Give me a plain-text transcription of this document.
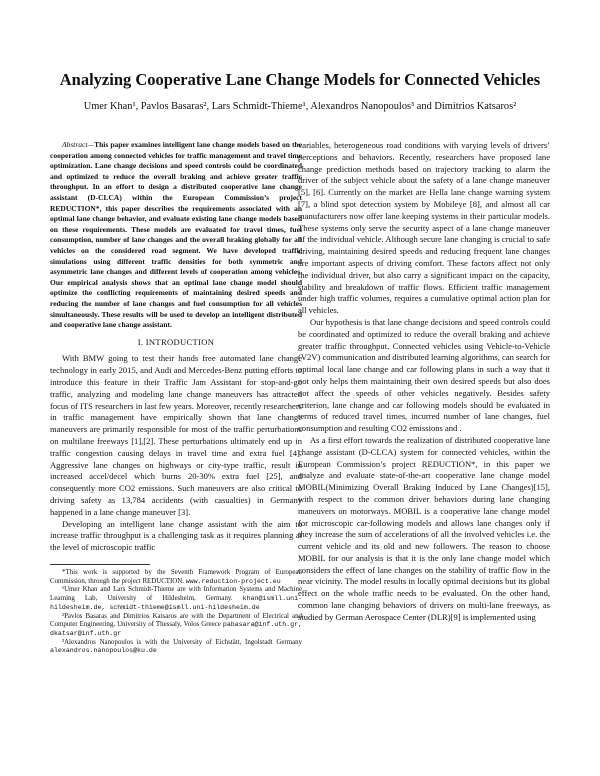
Analyzing Cooperative Lane Change Models for Connected Vehicles
Umer Khan¹, Pavlos Basaras², Lars Schmidt-Thieme¹, Alexandros Nanopoulos³ and Dimitrios Katsaros²

Abstract—This paper examines intelligent lane change models based on the cooperation among connected vehicles for traffic management and travel time optimization. Lane change decisions and speed controls could be coordinated and optimized to reduce the overall braking and achieve greater traffic throughput. In an effort to design a distributed cooperative lane change assistant (D-CLCA) within the European Commission’s project REDUCTION*, this paper describes the requirements associated with an optimal lane change behavior, and evaluate existing lane change models based on these requirements. These models are evaluated for travel times, fuel consumption, number of lane changes and the overall braking globally for all vehicles on the considered road segment. We have developed traffic simulations using different traffic densities for both symmetric and asymmetric lane changes and different levels of cooperation among vehicles. Our empirical analysis shows that an optimal lane change model should optimize the conflicting requirements of maintaining desired speeds and reducing the number of lane changes and fuel consumption for all vehicles simultaneously. These results will be used to develop an intelligent distributed and cooperative lane change assistant.

I. INTRODUCTION

With BMW going to test their hands free automated lane change technology in early 2015, and Audi and Mercedes-Benz putting efforts to introduce this feature in their Traffic Jam Assistant for stop-and-go traffic, analyzing and modeling lane change maneuvers has attracted focus of ITS researchers in last few years. Moreover, recently researchers in traffic management have empirically shown that lane change maneuvers are primarily responsible for most of the traffic perturbations on multilane freeways [1],[2]. These perturbations ultimately end up in traffic congestion causing delays in travel time and extra fuel [4]. Aggressive lane changes on highways or city-type traffic, result in increased accel/decel which burns 20-30% extra fuel [25], and consequently more CO2 emissions. Such maneuvers are also critical to driving safety as 13,784 accidents (with casualties) in Germany happened in a lane change maneuver [3].

Developing an intelligent lane change assistant with the aim to increase traffic throughput is a challenging task as it requires planning at the level of microscopic traffic

*This work is supported by the Seventh Framework Program of European Commission, through the project REDUCTION. www.reduction-project.eu

¹Umer Khan and Lars Schmidt-Thieme are with Information Systems and Machine Learning Lab, University of Hildesheim, Germany. khan@ismll.uni-hildesheim.de, schmidt-thieme@ismll.uni-hildesheim.de

²Pavlos Basaras and Dimitrios Katsaros are with the Department of Electrical and Computer Engineering, University of Thessaly, Volos Greece pabasara@inf.uth.gr, dkatsar@inf.uth.gr

³Alexandros Nanopoulos is with the University of Eichstätt, Ingolstadt Germany alexandros.nanopoulos@ku.de

variables, heterogeneous road conditions with varying levels of drivers’ perceptions and behaviors. Recently, researchers have proposed lane change prediction methods based on trajectory tracking to alarm the driver of the subject vehicle about the safety of a lane change maneuver [5], [6]. Currently on the market are Hella lane change warning system [7], a blind spot detection system by Mobileye [8], and almost all car manufacturers now offer lane keeping systems in their particular models. These systems only serve the security aspect of a lane change maneuver of the individual vehicle. Although secure lane changing is crucial to safe driving, maintaining desired speeds and reducing frequent lane changes are important aspects of driving comfort. These factors affect not only the individual driver, but also carry a significant impact on the capacity, stability and breakdown of traffic flows. Efficient traffic management under high traffic volumes, requires a cumulative optimal action plan for all vehicles.

Our hypothesis is that lane change decisions and speed controls could be coordinated and optimized to reduce the overall braking and achieve greater traffic throughput. Connected vehicles using Vehicle-to-Vehicle (V2V) communication and distributed learning algorithms, can search for optimal local lane change and car following plans in such a way that it not only helps them maintaining their own desired speeds but also does not affect the speeds of other vehicles negatively. Besides safety criterion, lane change and car following models should be evaluated in terms of reduced travel times, incurred number of lane changes, fuel consumption and resulting CO2 emissions and .

As a first effort towards the realization of distributed cooperative lane change assistant (D-CLCA) system for connected vehicles, within the European Commission’s project REDUCTION*, in this paper we analyze and evaluate state-of-the-art cooperative lane change model MOBIL(Minimizing Overall Braking Induced by Lane Changes)[15], with respect to the common driver behaviors during lane changing maneuvers on motorways. MOBIL is a cooperative lane change model for microscopic car-following models and allows lane changes only if they increase the sum of accelerations of all the involved vehicles i.e. the current vehicle and its old and new followers. The reason to choose MOBIL for our analysis is that it is the only lane change model which considers the effect of lane changes on the stability of traffic flow in the near vicinity. The model results in locally optimal decisions but its global effect on the whole traffic needs to be evaluated. On the other hand, common lane changing behaviors of drivers on multi-lane freeways, as studied by German Aerospace Center (DLR)[9] is implemented using
